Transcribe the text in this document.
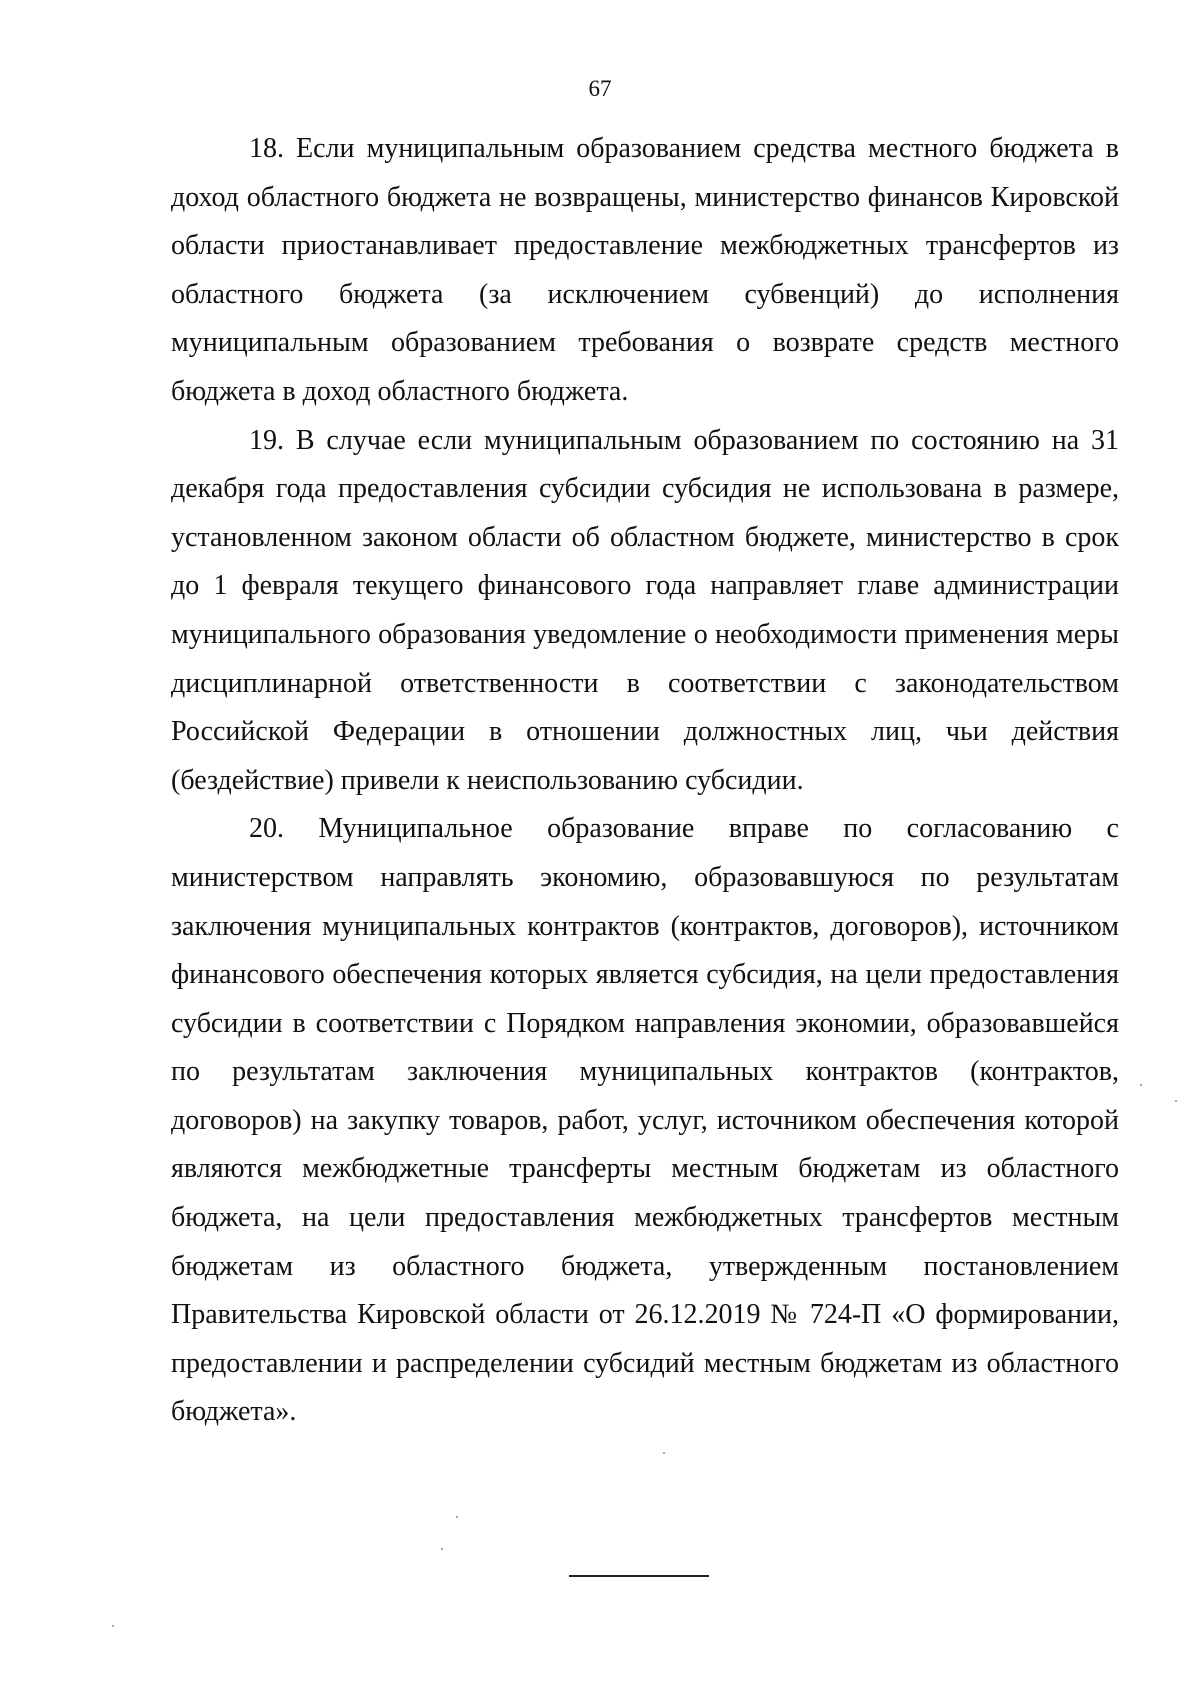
67

18. Если муниципальным образованием средства местного бюджета в доход областного бюджета не возвращены, министерство финансов Кировской области приостанавливает предоставление межбюджетных трансфертов из областного бюджета (за исключением субвенций) до исполнения муниципальным образованием требования о возврате средств местного бюджета в доход областного бюджета.

19. В случае если муниципальным образованием по состоянию на 31 декабря года предоставления субсидии субсидия не использована в размере, установленном законом области об областном бюджете, министерство в срок до 1 февраля текущего финансового года направляет главе администрации муниципального образования уведомление о необходимости применения меры дисциплинарной ответственности в соответствии с законодательством Российской Федерации в отношении должностных лиц, чьи действия (бездействие) привели к неиспользованию субсидии.

20. Муниципальное образование вправе по согласованию с министерством направлять экономию, образовавшуюся по результатам заключения муниципальных контрактов (контрактов, договоров), источником финансового обеспечения которых является субсидия, на цели предоставления субсидии в соответствии с Порядком направления экономии, образовавшейся по результатам заключения муниципальных контрактов (контрактов, договоров) на закупку товаров, работ, услуг, источником обеспечения которой являются межбюджетные трансферты местным бюджетам из областного бюджета, на цели предоставления межбюджетных трансфертов местным бюджетам из областного бюджета, утвержденным постановлением Правительства Кировской области от 26.12.2019 № 724-П «О формировании, предоставлении и распределении субсидий местным бюджетам из областного бюджета».
